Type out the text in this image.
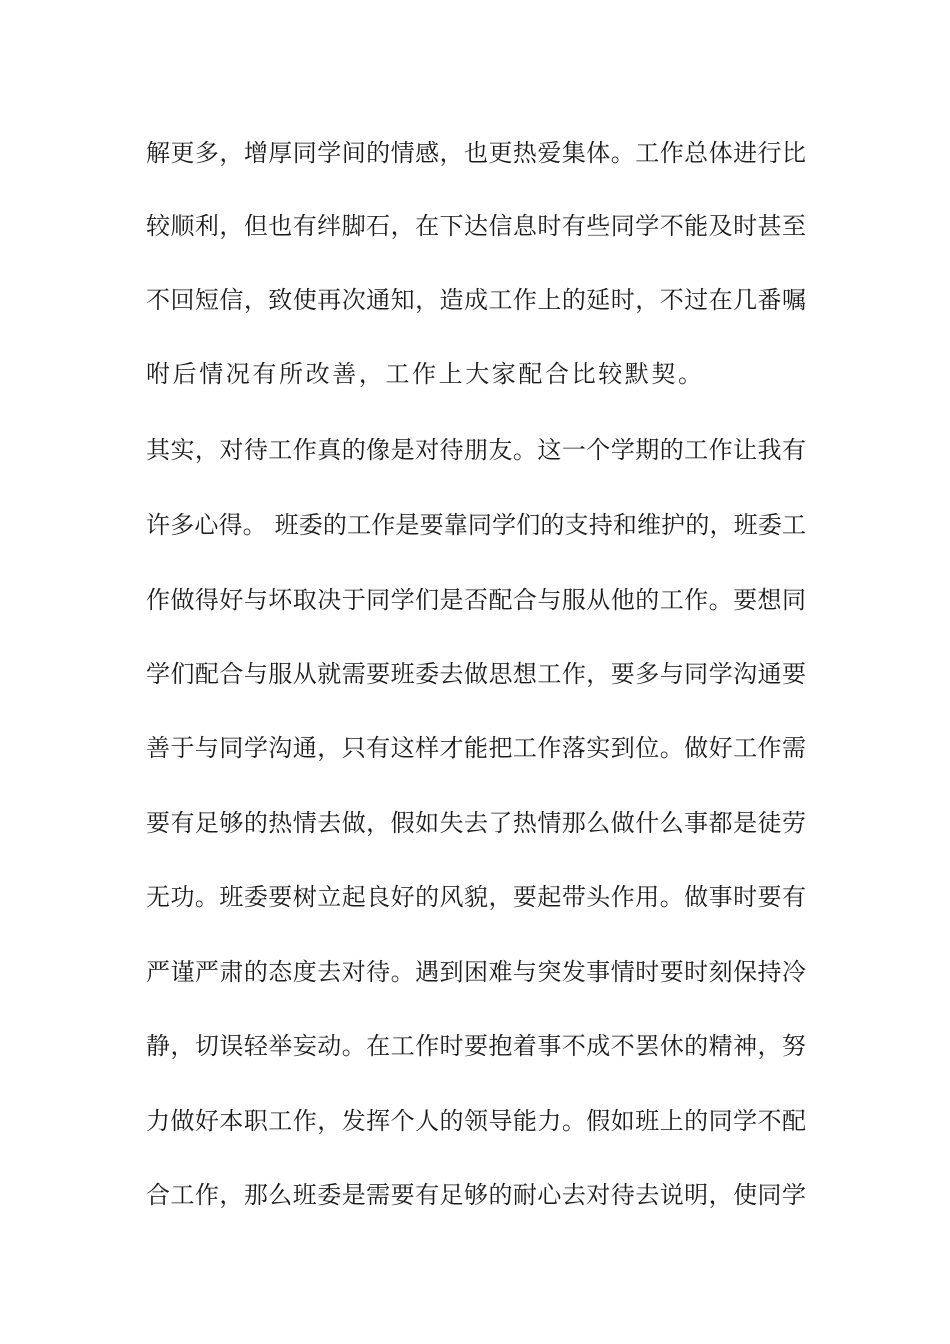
解更多，增厚同学间的情感，也更热爱集体。工作总体进行比
较顺利，但也有绊脚石，在下达信息时有些同学不能及时甚至
不回短信，致使再次通知，造成工作上的延时，不过在几番嘱
咐后情况有所改善，工作上大家配合比较默契。
其实，对待工作真的像是对待朋友。这一个学期的工作让我有
许多心得。 班委的工作是要靠同学们的支持和维护的，班委工
作做得好与坏取决于同学们是否配合与服从他的工作。要想同
学们配合与服从就需要班委去做思想工作，要多与同学沟通要
善于与同学沟通，只有这样才能把工作落实到位。做好工作需
要有足够的热情去做，假如失去了热情那么做什么事都是徒劳
无功。班委要树立起良好的风貌，要起带头作用。做事时要有
严谨严肃的态度去对待。遇到困难与突发事情时要时刻保持冷
静，切误轻举妄动。在工作时要抱着事不成不罢休的精神，努
力做好本职工作，发挥个人的领导能力。假如班上的同学不配
合工作，那么班委是需要有足够的耐心去对待去说明，使同学
